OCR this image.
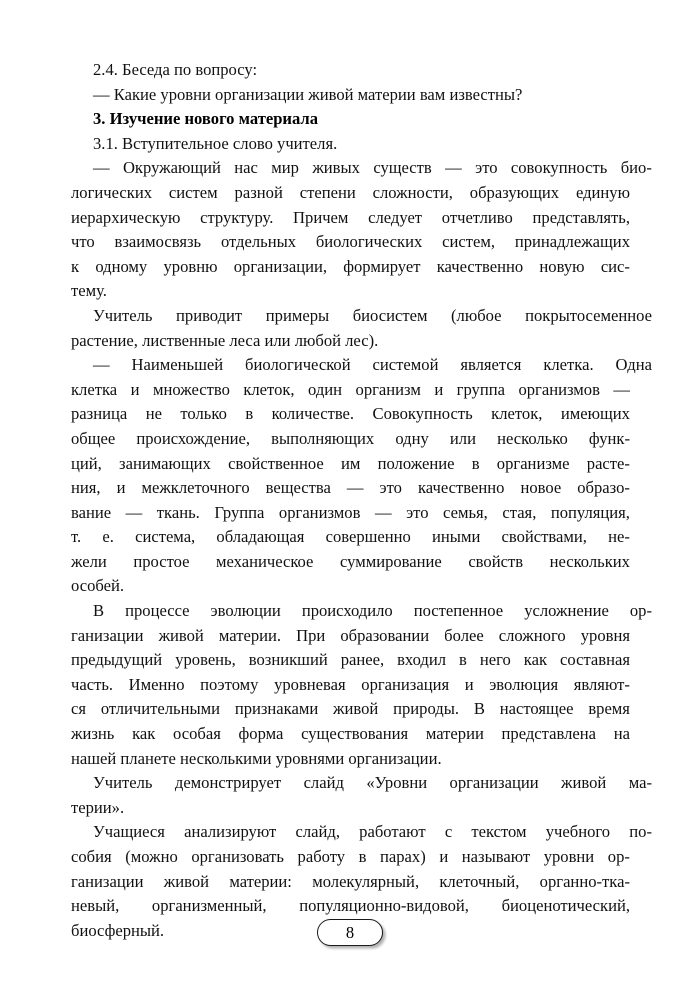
2.4. Беседа по вопросу:
— Какие уровни организации живой материи вам известны?
3. Изучение нового материала
3.1. Вступительное слово учителя.
— Окружающий нас мир живых существ — это совокупность био-
логических систем разной степени сложности, образующих единую
иерархическую структуру. Причем следует отчетливо представлять,
что взаимосвязь отдельных биологических систем, принадлежащих
к одному уровню организации, формирует качественно новую сис-
тему.
Учитель приводит примеры биосистем (любое покрытосеменное
растение, лиственные леса или любой лес).
— Наименьшей биологической системой является клетка. Одна
клетка и множество клеток, один организм и группа организмов —
разница не только в количестве. Совокупность клеток, имеющих
общее происхождение, выполняющих одну или несколько функ-
ций, занимающих свойственное им положение в организме расте-
ния, и межклеточного вещества — это качественно новое образо-
вание — ткань. Группа организмов — это семья, стая, популяция,
т. е. система, обладающая совершенно иными свойствами, не-
жели простое механическое суммирование свойств нескольких
особей.
В процессе эволюции происходило постепенное усложнение ор-
ганизации живой материи. При образовании более сложного уровня
предыдущий уровень, возникший ранее, входил в него как составная
часть. Именно поэтому уровневая организация и эволюция являют-
ся отличительными признаками живой природы. В настоящее время
жизнь как особая форма существования материи представлена на
нашей планете несколькими уровнями организации.
Учитель демонстрирует слайд «Уровни организации живой ма-
терии».
Учащиеся анализируют слайд, работают с текстом учебного по-
собия (можно организовать работу в парах) и называют уровни ор-
ганизации живой материи: молекулярный, клеточный, органно-тка-
невый, организменный, популяционно-видовой, биоценотический,
биосферный.	8
